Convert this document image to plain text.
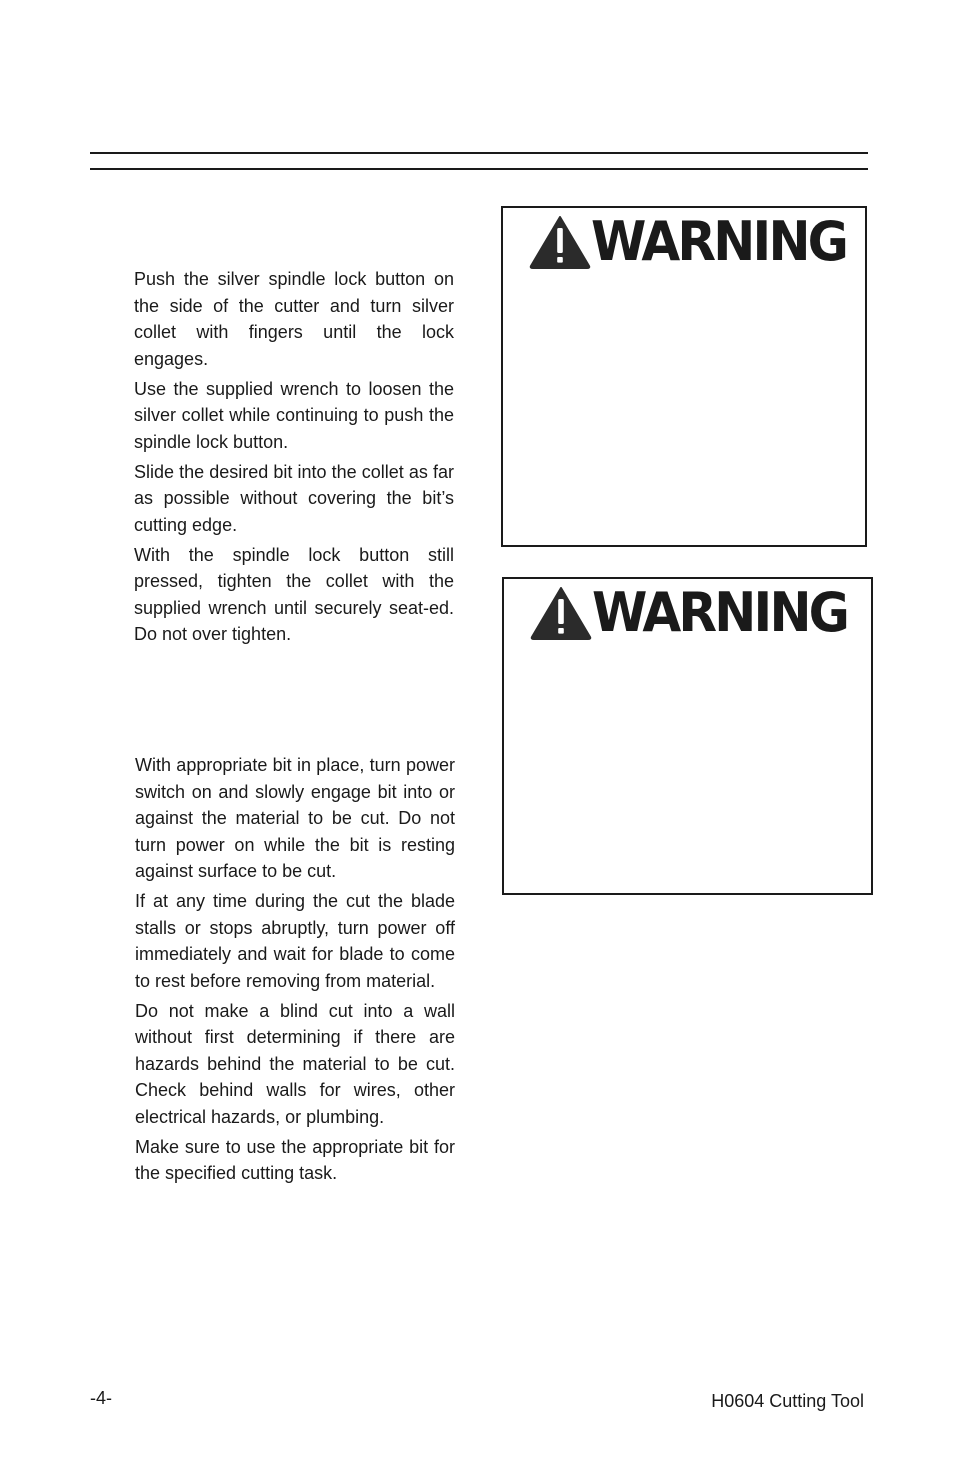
Push the silver spindle lock button on the side of the cutter and turn silver collet with fingers until the lock engages.

Use the supplied wrench to loosen the silver collet while continuing to push the spindle lock button.

Slide the desired bit into the collet as far as possible without covering the bit’s cutting edge.

With the spindle lock button still pressed, tighten the collet with the supplied wrench until securely seat-ed. Do not over tighten.

With appropriate bit in place, turn power switch on and slowly engage bit into or against the material to be cut. Do not turn power on while the bit is resting against surface to be cut.

If at any time during the cut the blade stalls or stops abruptly, turn power off immediately and wait for blade to come to rest before removing from material.

Do not make a blind cut into a wall without first determining if there are hazards behind the material to be cut. Check behind walls for wires, other electrical hazards, or plumbing.

Make sure to use the appropriate bit for the specified cutting task.

WARNING
WARNING
-4-	H0604 Cutting Tool
